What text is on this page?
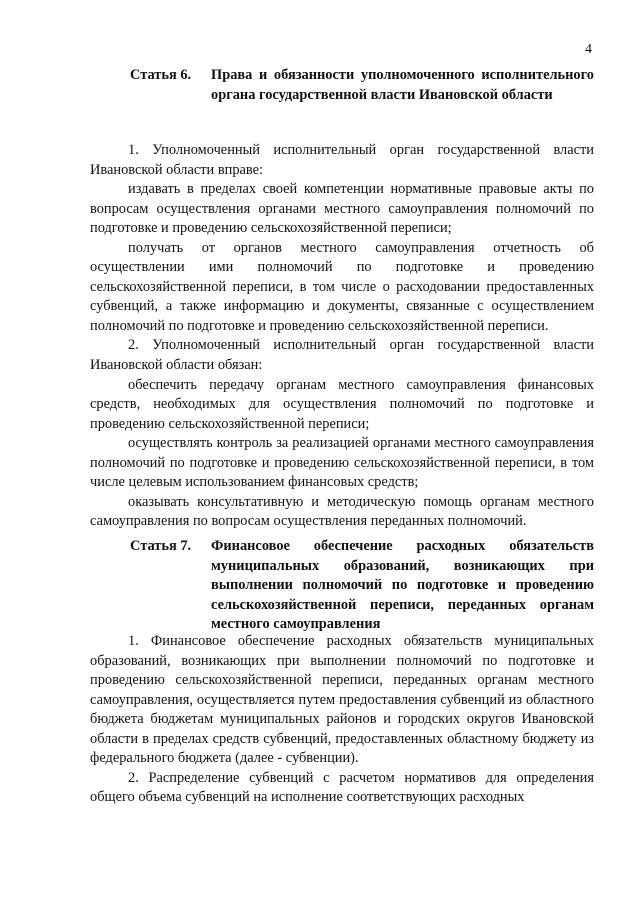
4
Статья 6. Права и обязанности уполномоченного исполнительного органа государственной власти Ивановской области

1. Уполномоченный исполнительный орган государственной власти Ивановской области вправе:

издавать в пределах своей компетенции нормативные правовые акты по вопросам осуществления органами местного самоуправления полномочий по подготовке и проведению сельскохозяйственной переписи;

получать от органов местного самоуправления отчетность об осуществлении ими полномочий по подготовке и проведению сельскохозяйственной переписи, в том числе о расходовании предоставленных субвенций, а также информацию и документы, связанные с осуществлением полномочий по подготовке и проведению сельскохозяйственной переписи.

2. Уполномоченный исполнительный орган государственной власти Ивановской области обязан:

обеспечить передачу органам местного самоуправления финансовых средств, необходимых для осуществления полномочий по подготовке и проведению сельскохозяйственной переписи;

осуществлять контроль за реализацией органами местного самоуправления полномочий по подготовке и проведению сельскохозяйственной переписи, в том числе целевым использованием финансовых средств;

оказывать консультативную и методическую помощь органам местного самоуправления по вопросам осуществления переданных полномочий.

Статья 7. Финансовое обеспечение расходных обязательств муниципальных образований, возникающих при выполнении полномочий по подготовке и проведению сельскохозяйственной переписи, переданных органам местного самоуправления

1. Финансовое обеспечение расходных обязательств муниципальных образований, возникающих при выполнении полномочий по подготовке и проведению сельскохозяйственной переписи, переданных органам местного самоуправления, осуществляется путем предоставления субвенций из областного бюджета бюджетам муниципальных районов и городских округов Ивановской области в пределах средств субвенций, предоставленных областному бюджету из федерального бюджета (далее - субвенции).

2. Распределение субвенций с расчетом нормативов для определения общего объема субвенций на исполнение соответствующих расходных
